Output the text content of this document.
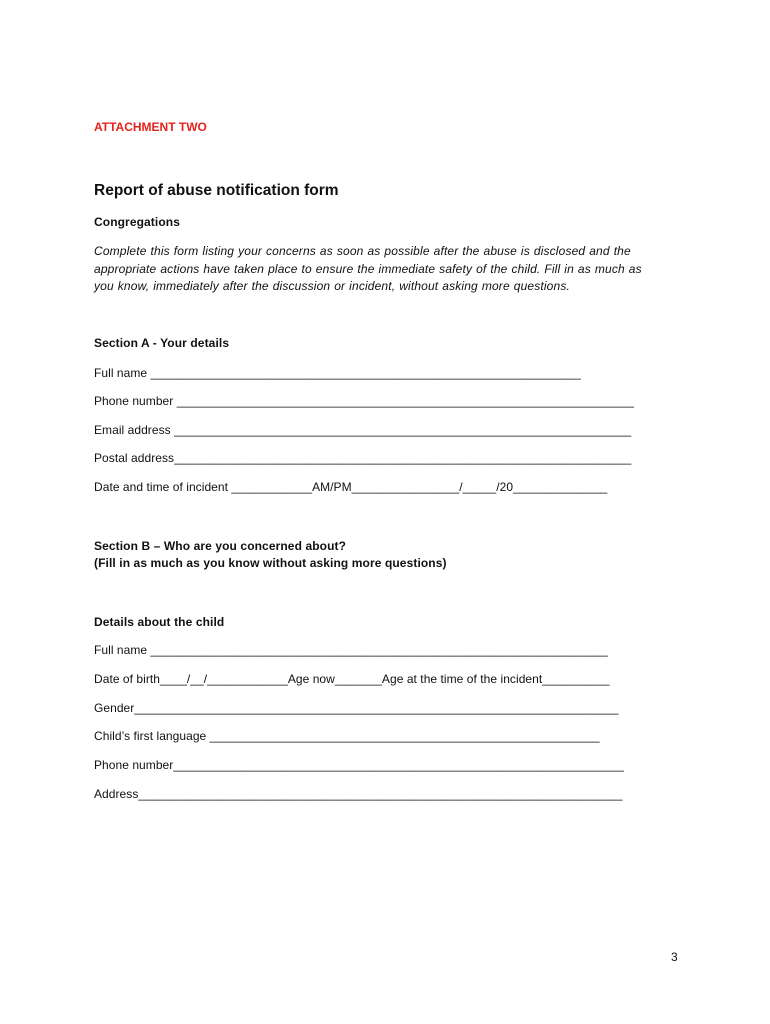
ATTACHMENT TWO
Report of abuse notification form
Congregations
Complete this form listing your concerns as soon as possible after the abuse is disclosed and the
appropriate actions have taken place to ensure the immediate safety of the child. Fill in as much as
you know, immediately after the discussion or incident, without asking more questions.
Section A - Your details
Full name ________________________________________________________________
Phone number ____________________________________________________________________
Email address ____________________________________________________________________
Postal address____________________________________________________________________
Date and time of incident ____________AM/PM________________/_____/20______________
Section B – Who are you concerned about?
(Fill in as much as you know without asking more questions)
Details about the child
Full name ____________________________________________________________________
Date of birth____/__/____________Age now_______Age at the time of the incident__________
Gender________________________________________________________________________
Child’s first language __________________________________________________________
Phone number___________________________________________________________________
Address________________________________________________________________________
3
